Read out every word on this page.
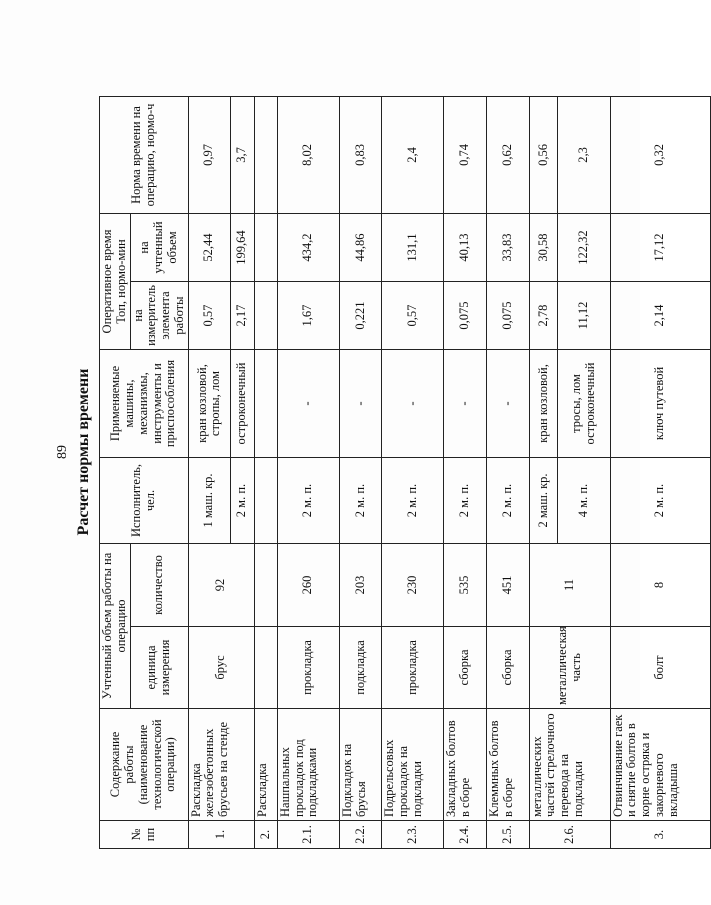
89 Расчет нормы времени
№ пп	Содержание работы (наименование технологической операции)	Учтенный объем работы на операцию		Исполнитель, чел.	Применяемые машины, механизмы, инструменты и приспособления	Оперативное время Топ, нормо-мин		Норма времени на операцию, нормо-ч
		единица измерения	количество			на измеритель элемента работы	на учтенный объем	
1.	Раскладка железобетонных брусьев на стенде	брус	92	1 маш. кр.	кран козловой, стропы, лом	0,57	52,44	0,97
				2 м. п.	остроконечный	2,17	199,64	3,7
2.	Раскладка							
2.1.	Нашпальных прокладок под подкладками	прокладка	260	2 м. п.	-	1,67	434,2	8,02
2.2.	Подкладок на брусья	подкладка	203	2 м. п.	-	0,221	44,86	0,83
2.3.	Подрельсовых прокладок на подкладки	прокладка	230	2 м. п.	-	0,57	131,1	2,4
2.4.	Закладных болтов в сборе	сборка	535	2 м. п.	-	0,075	40,13	0,74
2.5.	Клеммных болтов в сборе	сборка	451	2 м. п.	-	0,075	33,83	0,62
2.6.	металлических частей стрелочного перевода на подкладки	металлическая часть	11	2 маш. кр.	кран козловой,	2,78	30,58	0,56
				4 м. п.	тросы, лом остроконечный	11,12	122,32	2,3
3.	Отвинчивание гаек и снятие болтов в корне остряка и закорневого вкладыша	болт	8	2 м. п.	ключ путевой	2,14	17,12	0,32
